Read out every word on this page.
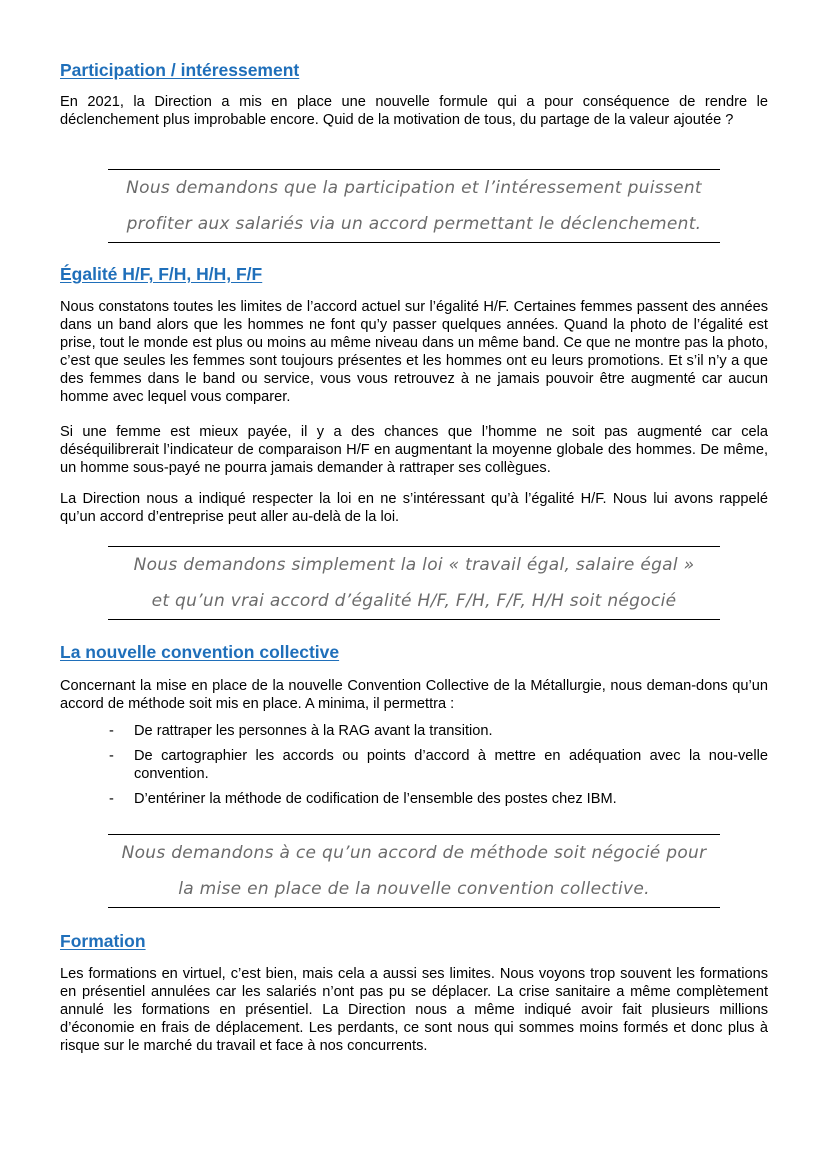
Participation / intéressement

En 2021, la Direction a mis en place une nouvelle formule qui a pour conséquence de rendre le déclenchement plus improbable encore. Quid de la motivation de tous, du partage de la valeur ajoutée ?

Nous demandons que la participation et l’intéressement puissent
profiter aux salariés via un accord permettant le déclenchement.
Égalité H/F, F/H, H/H, F/F

Nous constatons toutes les limites de l’accord actuel sur l’égalité H/F. Certaines femmes passent des années dans un band alors que les hommes ne font qu’y passer quelques années. Quand la photo de l’égalité est prise, tout le monde est plus ou moins au même niveau dans un même band. Ce que ne montre pas la photo, c’est que seules les femmes sont toujours présentes et les hommes ont eu leurs promotions. Et s’il n’y a que des femmes dans le band ou service, vous vous retrouvez à ne jamais pouvoir être augmenté car aucun homme avec lequel vous comparer.

Si une femme est mieux payée, il y a des chances que l’homme ne soit pas augmenté car cela déséquilibrerait l’indicateur de comparaison H/F en augmentant la moyenne globale des hommes. De même, un homme sous-payé ne pourra jamais demander à rattraper ses collègues.

La Direction nous a indiqué respecter la loi en ne s’intéressant qu’à l’égalité H/F. Nous lui avons rappelé qu’un accord d’entreprise peut aller au-delà de la loi.

Nous demandons simplement la loi « travail égal, salaire égal »
et qu’un vrai accord d’égalité H/F, F/H, F/F, H/H soit négocié
La nouvelle convention collective

Concernant la mise en place de la nouvelle Convention Collective de la Métallurgie, nous deman-dons qu’un accord de méthode soit mis en place. A minima, il permettra :

- De rattraper les personnes à la RAG avant la transition.
- De cartographier les accords ou points d’accord à mettre en adéquation avec la nou-velle convention.
- D’entériner la méthode de codification de l’ensemble des postes chez IBM.
Nous demandons à ce qu’un accord de méthode soit négocié pour
la mise en place de la nouvelle convention collective.
Formation

Les formations en virtuel, c’est bien, mais cela a aussi ses limites. Nous voyons trop souvent les formations en présentiel annulées car les salariés n’ont pas pu se déplacer. La crise sanitaire a même complètement annulé les formations en présentiel. La Direction nous a même indiqué avoir fait plusieurs millions d’économie en frais de déplacement. Les perdants, ce sont nous qui sommes moins formés et donc plus à risque sur le marché du travail et face à nos concurrents.
